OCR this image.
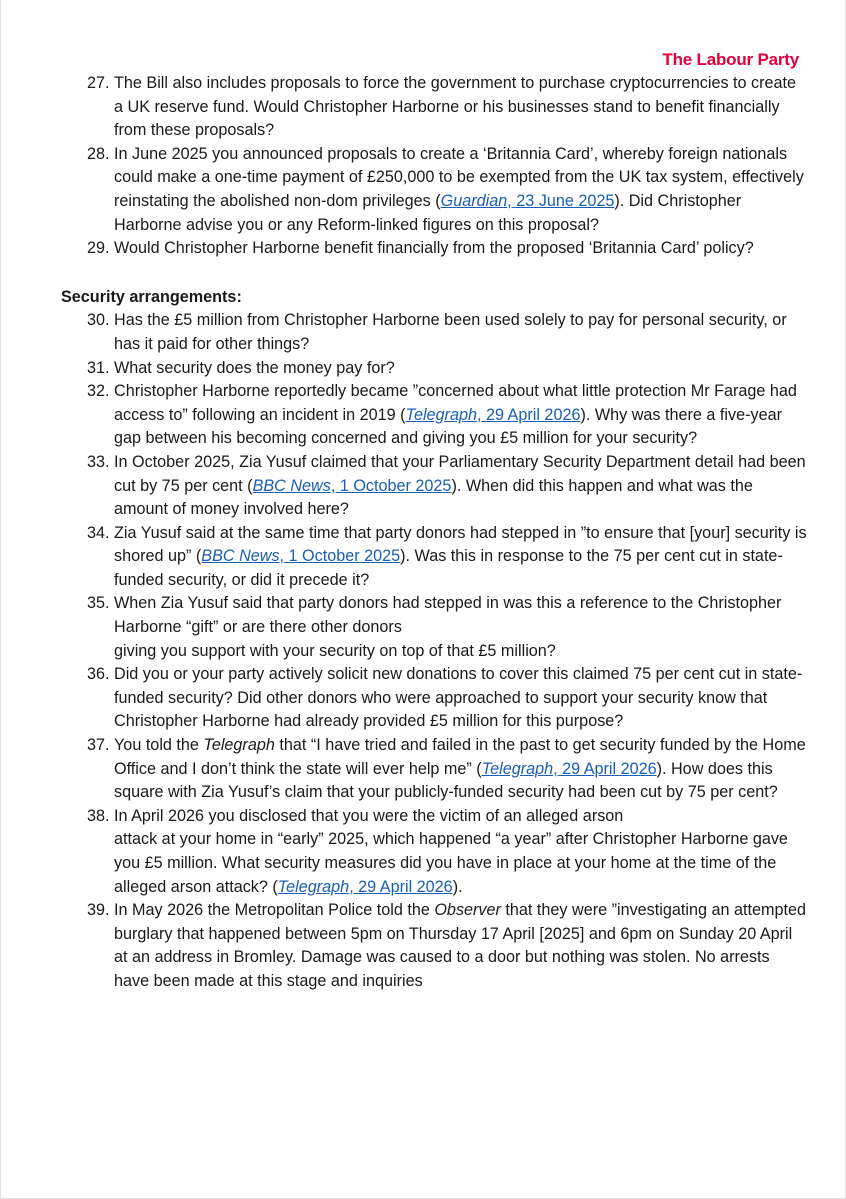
The Labour Party
27. The Bill also includes proposals to force the government to purchase cryptocurrencies to create a UK reserve fund. Would Christopher Harborne or his businesses stand to benefit financially from these proposals?
28. In June 2025 you announced proposals to create a ‘Britannia Card’, whereby foreign nationals could make a one-time payment of £250,000 to be exempted from the UK tax system, effectively reinstating the abolished non-dom privileges (Guardian, 23 June 2025). Did Christopher Harborne advise you or any Reform-linked figures on this proposal?
29. Would Christopher Harborne benefit financially from the proposed ‘Britannia Card’ policy?
Security arrangements:
30. Has the £5 million from Christopher Harborne been used solely to pay for personal security, or has it paid for other things?
31. What security does the money pay for?
32. Christopher Harborne reportedly became ”concerned about what little protection Mr Farage had access to” following an incident in 2019 (Telegraph, 29 April 2026). Why was there a five-year gap between his becoming concerned and giving you £5 million for your security?
33. In October 2025, Zia Yusuf claimed that your Parliamentary Security Department detail had been cut by 75 per cent (BBC News, 1 October 2025). When did this happen and what was the amount of money involved here?
34. Zia Yusuf said at the same time that party donors had stepped in ”to ensure that [your] security is shored up” (BBC News, 1 October 2025). Was this in response to the 75 per cent cut in state-funded security, or did it precede it?
35. When Zia Yusuf said that party donors had stepped in was this a reference to the Christopher Harborne “gift” or are there other donors
giving you support with your security on top of that £5 million?
36. Did you or your party actively solicit new donations to cover this claimed 75 per cent cut in state-funded security? Did other donors who were approached to support your security know that Christopher Harborne had already provided £5 million for this purpose?
37. You told the Telegraph that “I have tried and failed in the past to get security funded by the Home Office and I don’t think the state will ever help me” (Telegraph, 29 April 2026). How does this square with Zia Yusuf’s claim that your publicly-funded security had been cut by 75 per cent?
38. In April 2026 you disclosed that you were the victim of an alleged arson
attack at your home in “early” 2025, which happened “a year” after Christopher Harborne gave you £5 million. What security measures did you have in place at your home at the time of the alleged arson attack? (Telegraph, 29 April 2026).
39. In May 2026 the Metropolitan Police told the Observer that they were ”investigating an attempted burglary that happened between 5pm on Thursday 17 April [2025] and 6pm on Sunday 20 April at an address in Bromley. Damage was caused to a door but nothing was stolen. No arrests have been made at this stage and inquiries
